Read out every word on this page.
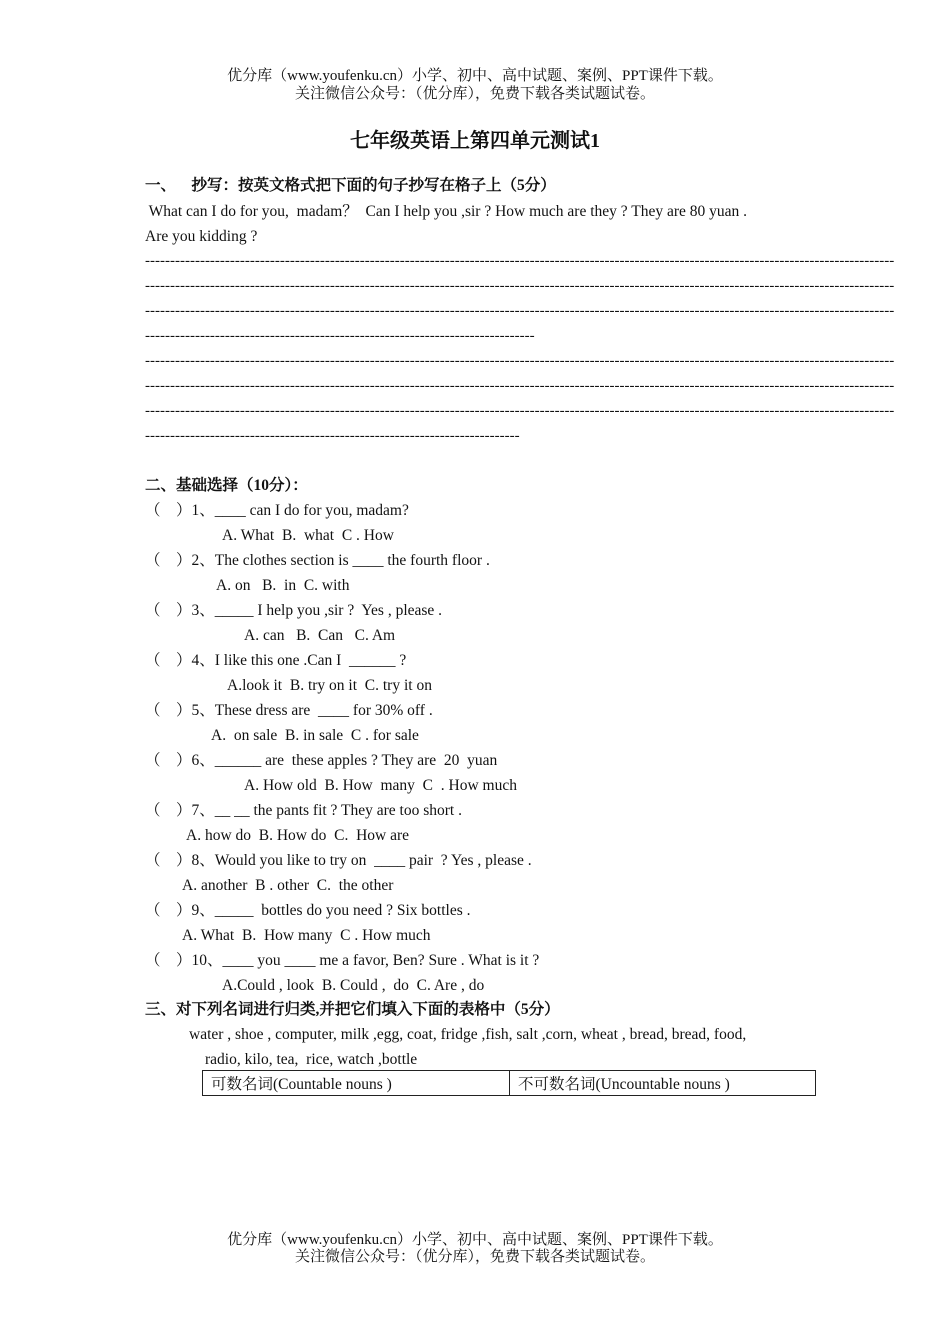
优分库（www.youfenku.cn）小学、初中、高中试题、案例、PPT课件下载。
关注微信公众号：（优分库），免费下载各类试题试卷。
七年级英语上第四单元测试1
一、    抄写：按英文格式把下面的句子抄写在格子上（5分）
What can I do for you,  madam？  Can I help you ,sir ? How much are they ? They are 80 yuan .
Are you kidding ?
------------------------------------------------------------------------------------------------------------------------------------------------------
------------------------------------------------------------------------------------------------------------------------------------------------------
------------------------------------------------------------------------------------------------------------------------------------------------------
------------------------------------------------------------------------------
------------------------------------------------------------------------------------------------------------------------------------------------------
------------------------------------------------------------------------------------------------------------------------------------------------------
------------------------------------------------------------------------------------------------------------------------------------------------------
---------------------------------------------------------------------------
二、基础选择（10分）：
（    ）1、____ can I do for you, madam?
A. What  B.  what  C . How
（    ）2、The clothes section is ____ the fourth floor .
A. on   B.  in  C. with
（    ）3、_____ I help you ,sir ?  Yes , please .
A. can   B.  Can   C. Am
（    ）4、I like this one .Can I  ______ ?
A.look it  B. try on it  C. try it on
（    ）5、These dress are  ____ for 30% off .
A.  on sale  B. in sale  C . for sale
（    ）6、______ are  these apples ? They are  20  yuan
A. How old  B. How  many  C  . How much
（    ）7、__ __ the pants fit ? They are too short .
A. how do  B. How do  C.  How are
（    ）8、Would you like to try on  ____ pair  ? Yes , please .
A. another  B . other  C.  the other
（    ）9、_____  bottles do you need ? Six bottles .
A. What  B.  How many  C . How much
（    ）10、____ you ____ me a favor, Ben? Sure . What is it ?
A.Could , look  B. Could ,  do  C. Are , do
三、对下列名词进行归类,并把它们填入下面的表格中（5分）
water , shoe , computer, milk ,egg, coat, fridge ,fish, salt ,corn, wheat , bread, bread, food,
radio, kilo, tea,  rice, watch ,bottle
可数名词(Countable nouns )	不可数名词(Uncountable nouns )
优分库（www.youfenku.cn）小学、初中、高中试题、案例、PPT课件下载。
关注微信公众号：（优分库），免费下载各类试题试卷。
